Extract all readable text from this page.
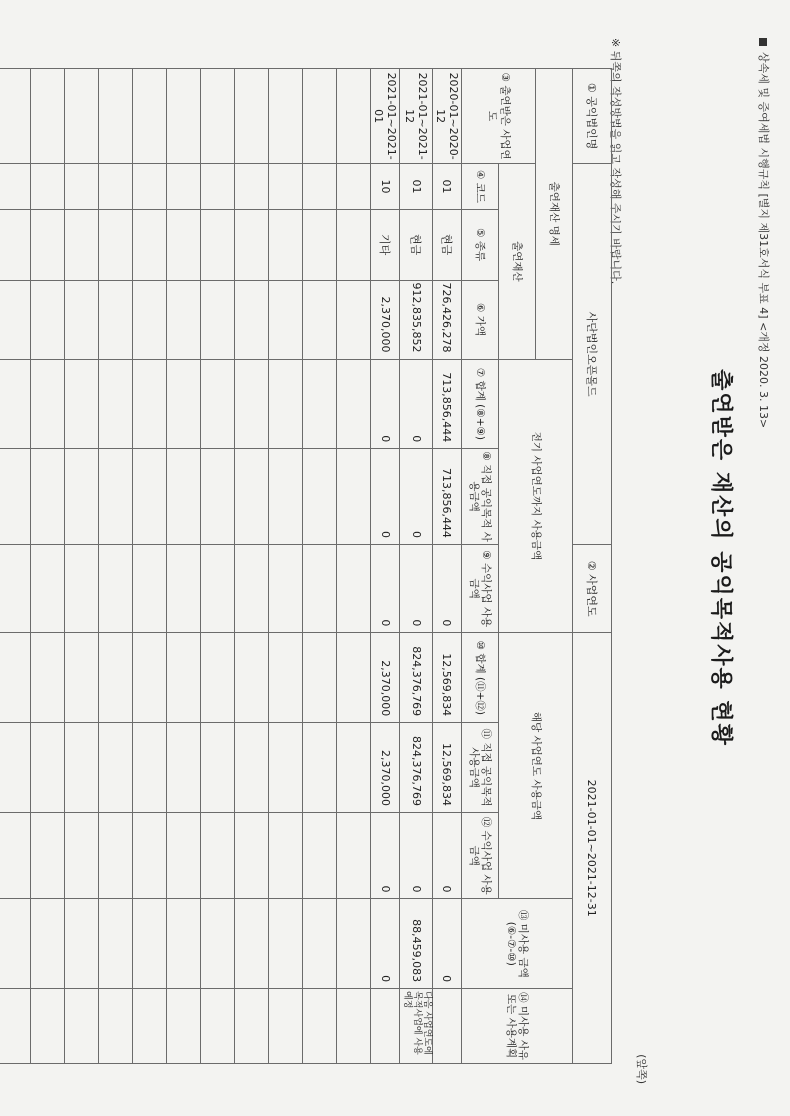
상속세 및 증여세법 시행규칙 [별지 제31호서식 부표 4] <개정 2020. 3. 13>
출연받은 재산의 공익목적사용 현황
(앞쪽)
※ 뒤쪽의 작성방법을 읽고 작성해 주시기 바랍니다.
① 공익법인명	사단법인오픈몰드					② 사업연도	2021-01-01~2021-12-31				
출연재산 명세				전기 사업연도까지 사용금액			해당 사업연도 사용금액			⑬ 미사용 금액 (⑥-⑦-⑩)	⑭ 미사용 사유 또는 사용계획
③ 출연받은 사업연도	출연재산										
	④ 코드	⑤ 종류	⑥ 가액	⑦ 합계 (⑧+⑨)	⑧ 직접 공익목적 사용금액	⑨ 수익사업 사용금액	⑩ 합계 (⑪+⑫)	⑪ 직접 공익목적 사용금액	⑫ 수익사업 사용금액		
2020-01~2020-12	01	현금	726,426,278	713,856,444	713,856,444	0	12,569,834	12,569,834	0	0	
2021-01~2021-12	01	현금	912,835,852	0	0	0	824,376,769	824,376,769	0	88,459,083	다음 사업연도에 목적사업에 사용 예정
2021-01~2021-01	10	기타	2,370,000	0	0	0	2,370,000	2,370,000	0	0	
